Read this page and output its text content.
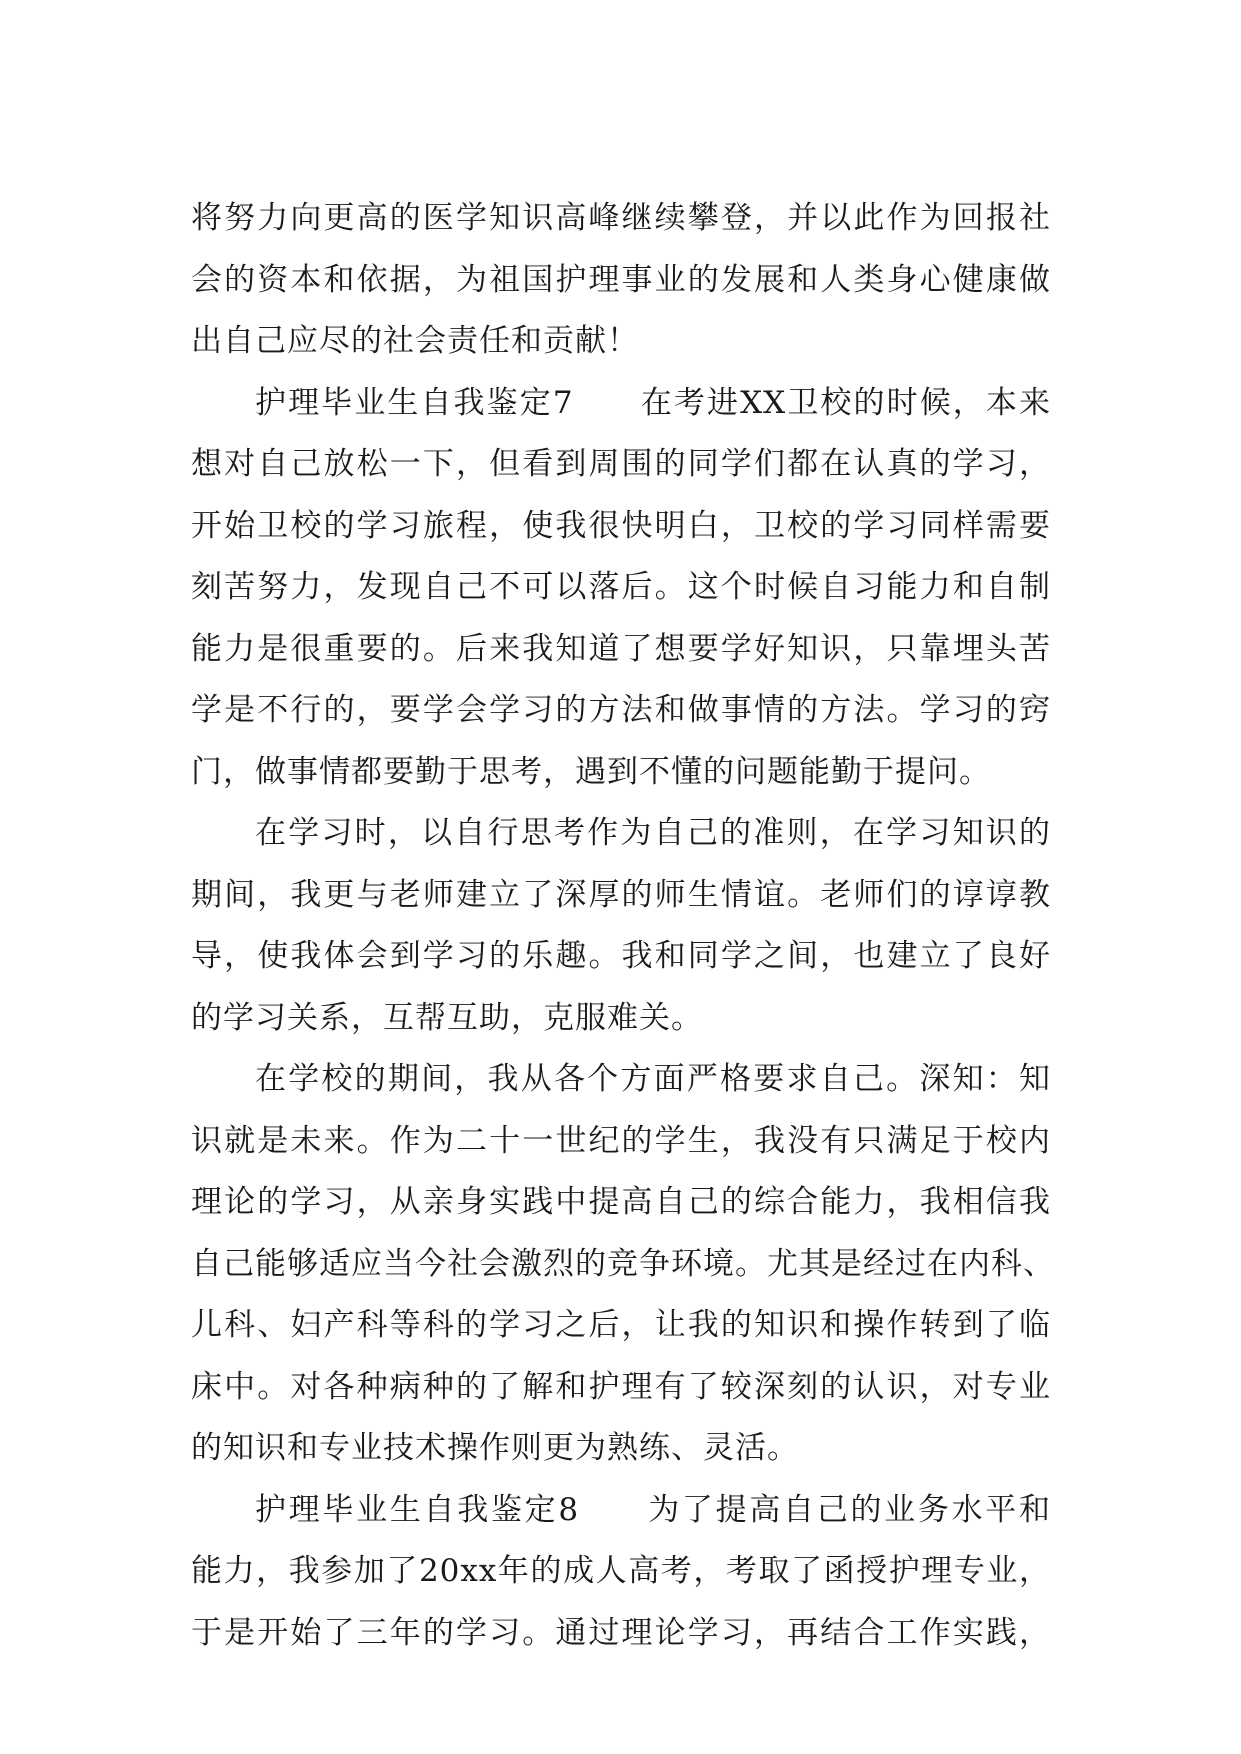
将努力向更高的医学知识高峰继续攀登，并以此作为回报社
会的资本和依据，为祖国护理事业的发展和人类身心健康做
出自己应尽的社会责任和贡献！
护理毕业生自我鉴定7　　在考进XX卫校的时候，本来
想对自己放松一下，但看到周围的同学们都在认真的学习，
开始卫校的学习旅程，使我很快明白，卫校的学习同样需要
刻苦努力，发现自己不可以落后。这个时候自习能力和自制
能力是很重要的。后来我知道了想要学好知识，只靠埋头苦
学是不行的，要学会学习的方法和做事情的方法。学习的窍
门，做事情都要勤于思考，遇到不懂的问题能勤于提问。
在学习时，以自行思考作为自己的准则，在学习知识的
期间，我更与老师建立了深厚的师生情谊。老师们的谆谆教
导，使我体会到学习的乐趣。我和同学之间，也建立了良好
的学习关系，互帮互助，克服难关。
在学校的期间，我从各个方面严格要求自己。深知：知
识就是未来。作为二十一世纪的学生，我没有只满足于校内
理论的学习，从亲身实践中提高自己的综合能力，我相信我
自己能够适应当今社会激烈的竞争环境。尤其是经过在内科、
儿科、妇产科等科的学习之后，让我的知识和操作转到了临
床中。对各种病种的了解和护理有了较深刻的认识，对专业
的知识和专业技术操作则更为熟练、灵活。
护理毕业生自我鉴定8　　为了提高自己的业务水平和
能力，我参加了20xx年的成人高考，考取了函授护理专业，
于是开始了三年的学习。通过理论学习，再结合工作实践，
